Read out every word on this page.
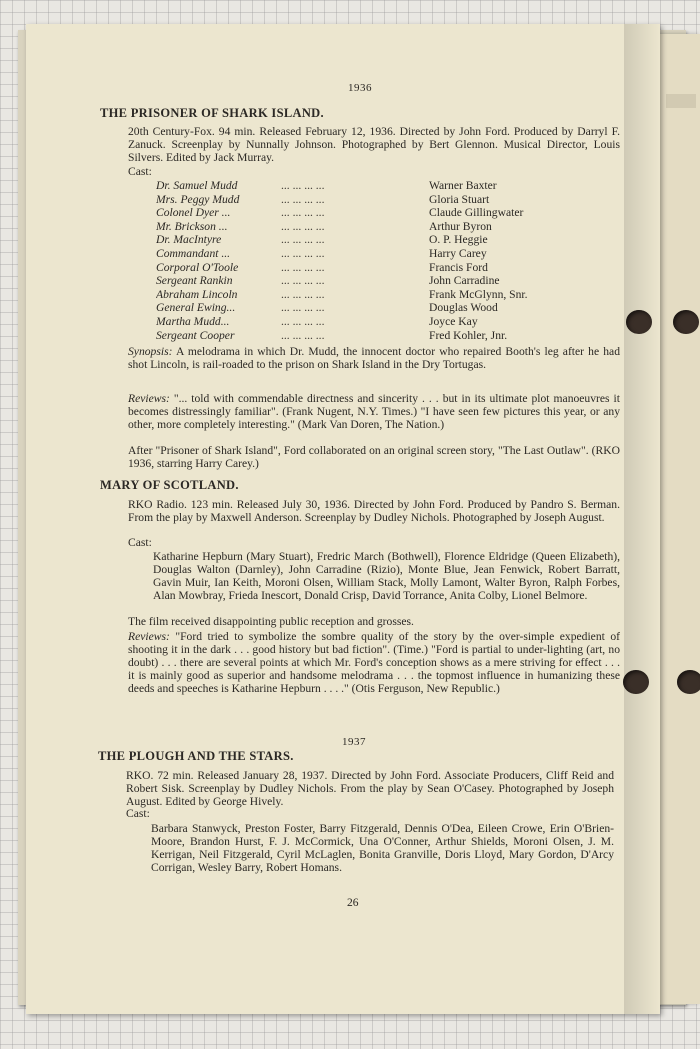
1936
THE PRISONER OF SHARK ISLAND.

20th Century-Fox. 94 min. Released February 12, 1936. Directed by John Ford. Produced by Darryl F. Zanuck. Screenplay by Nunnally Johnson. Photographed by Bert Glennon. Musical Director, Louis Silvers. Edited by Jack Murray.

Cast:
Dr. Samuel Mudd	... ... ... ...	Warner Baxter
Mrs. Peggy Mudd	... ... ... ...	Gloria Stuart
Colonel Dyer ...	... ... ... ...	Claude Gillingwater
Mr. Brickson ...	... ... ... ...	Arthur Byron
Dr. MacIntyre	... ... ... ...	O. P. Heggie
Commandant ...	... ... ... ...	Harry Carey
Corporal O'Toole	... ... ... ...	Francis Ford
Sergeant Rankin	... ... ... ...	John Carradine
Abraham Lincoln	... ... ... ...	Frank McGlynn, Snr.
General Ewing...	... ... ... ...	Douglas Wood
Martha Mudd...	... ... ... ...	Joyce Kay
Sergeant Cooper	... ... ... ...	Fred Kohler, Jnr.

Synopsis: A melodrama in which Dr. Mudd, the innocent doctor who repaired Booth's leg after he had shot Lincoln, is rail-roaded to the prison on Shark Island in the Dry Tortugas.

Reviews: "... told with commendable directness and sincerity . . . but in its ultimate plot manoeuvres it becomes distressingly familiar". (Frank Nugent, N.Y. Times.) "I have seen few pictures this year, or any other, more completely interesting." (Mark Van Doren, The Nation.)

After "Prisoner of Shark Island", Ford collaborated on an original screen story, "The Last Outlaw". (RKO 1936, starring Harry Carey.)

MARY OF SCOTLAND.

RKO Radio. 123 min. Released July 30, 1936. Directed by John Ford. Produced by Pandro S. Berman. From the play by Maxwell Anderson. Screenplay by Dudley Nichols. Photographed by Joseph August.

Cast:

Katharine Hepburn (Mary Stuart), Fredric March (Bothwell), Florence Eldridge (Queen Elizabeth), Douglas Walton (Darnley), John Carradine (Rizio), Monte Blue, Jean Fenwick, Robert Barratt, Gavin Muir, Ian Keith, Moroni Olsen, William Stack, Molly Lamont, Walter Byron, Ralph Forbes, Alan Mowbray, Frieda Inescort, Donald Crisp, David Torrance, Anita Colby, Lionel Belmore.

The film received disappointing public reception and grosses.

Reviews: "Ford tried to symbolize the sombre quality of the story by the over-simple expedient of shooting it in the dark . . . good history but bad fiction". (Time.) "Ford is partial to under-lighting (art, no doubt) . . . there are several points at which Mr. Ford's conception shows as a mere striving for effect . . . it is mainly good as superior and handsome melodrama . . . the topmost influence in humanizing these deeds and speeches is Katharine Hepburn . . . ." (Otis Ferguson, New Republic.)

1937
THE PLOUGH AND THE STARS.

RKO. 72 min. Released January 28, 1937. Directed by John Ford. Associate Producers, Cliff Reid and Robert Sisk. Screenplay by Dudley Nichols. From the play by Sean O'Casey. Photographed by Joseph August. Edited by George Hively.

Cast:

Barbara Stanwyck, Preston Foster, Barry Fitzgerald, Dennis O'Dea, Eileen Crowe, Erin O'Brien-Moore, Brandon Hurst, F. J. McCormick, Una O'Conner, Arthur Shields, Moroni Olsen, J. M. Kerrigan, Neil Fitzgerald, Cyril McLaglen, Bonita Granville, Doris Lloyd, Mary Gordon, D'Arcy Corrigan, Wesley Barry, Robert Homans.

26
